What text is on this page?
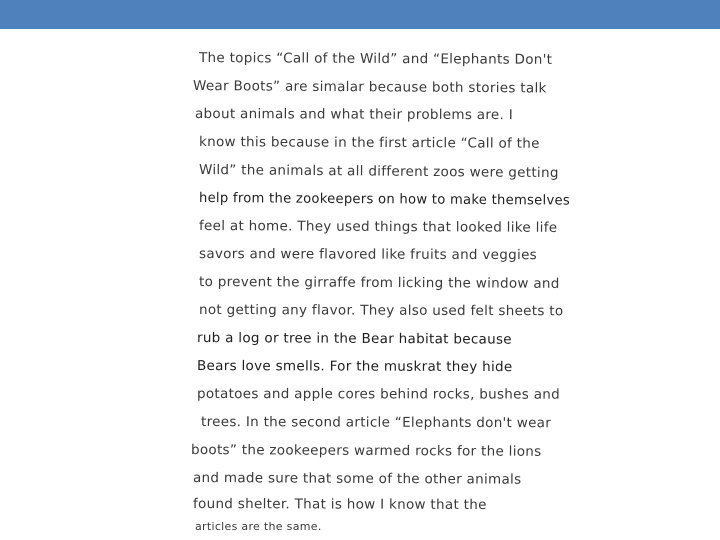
The topics “Call of the Wild” and “Elephants Don't
Wear Boots” are simalar because both stories talk
about animals and what their problems are. I
know this because in the first article “Call of the
Wild” the animals at all different zoos were getting
help from the zookeepers on how to make themselves
feel at home. They used things that looked like life
savors and were flavored like fruits and veggies
to prevent the girraffe from licking the window and
not getting any flavor. They also used felt sheets to
rub a log or tree in the Bear habitat because
Bears love smells. For the muskrat they hide
potatoes and apple cores behind rocks, bushes and
trees. In the second article “Elephants don't wear
boots” the zookeepers warmed rocks for the lions
and made sure that some of the other animals
found shelter. That is how I know that the
articles are the same.
